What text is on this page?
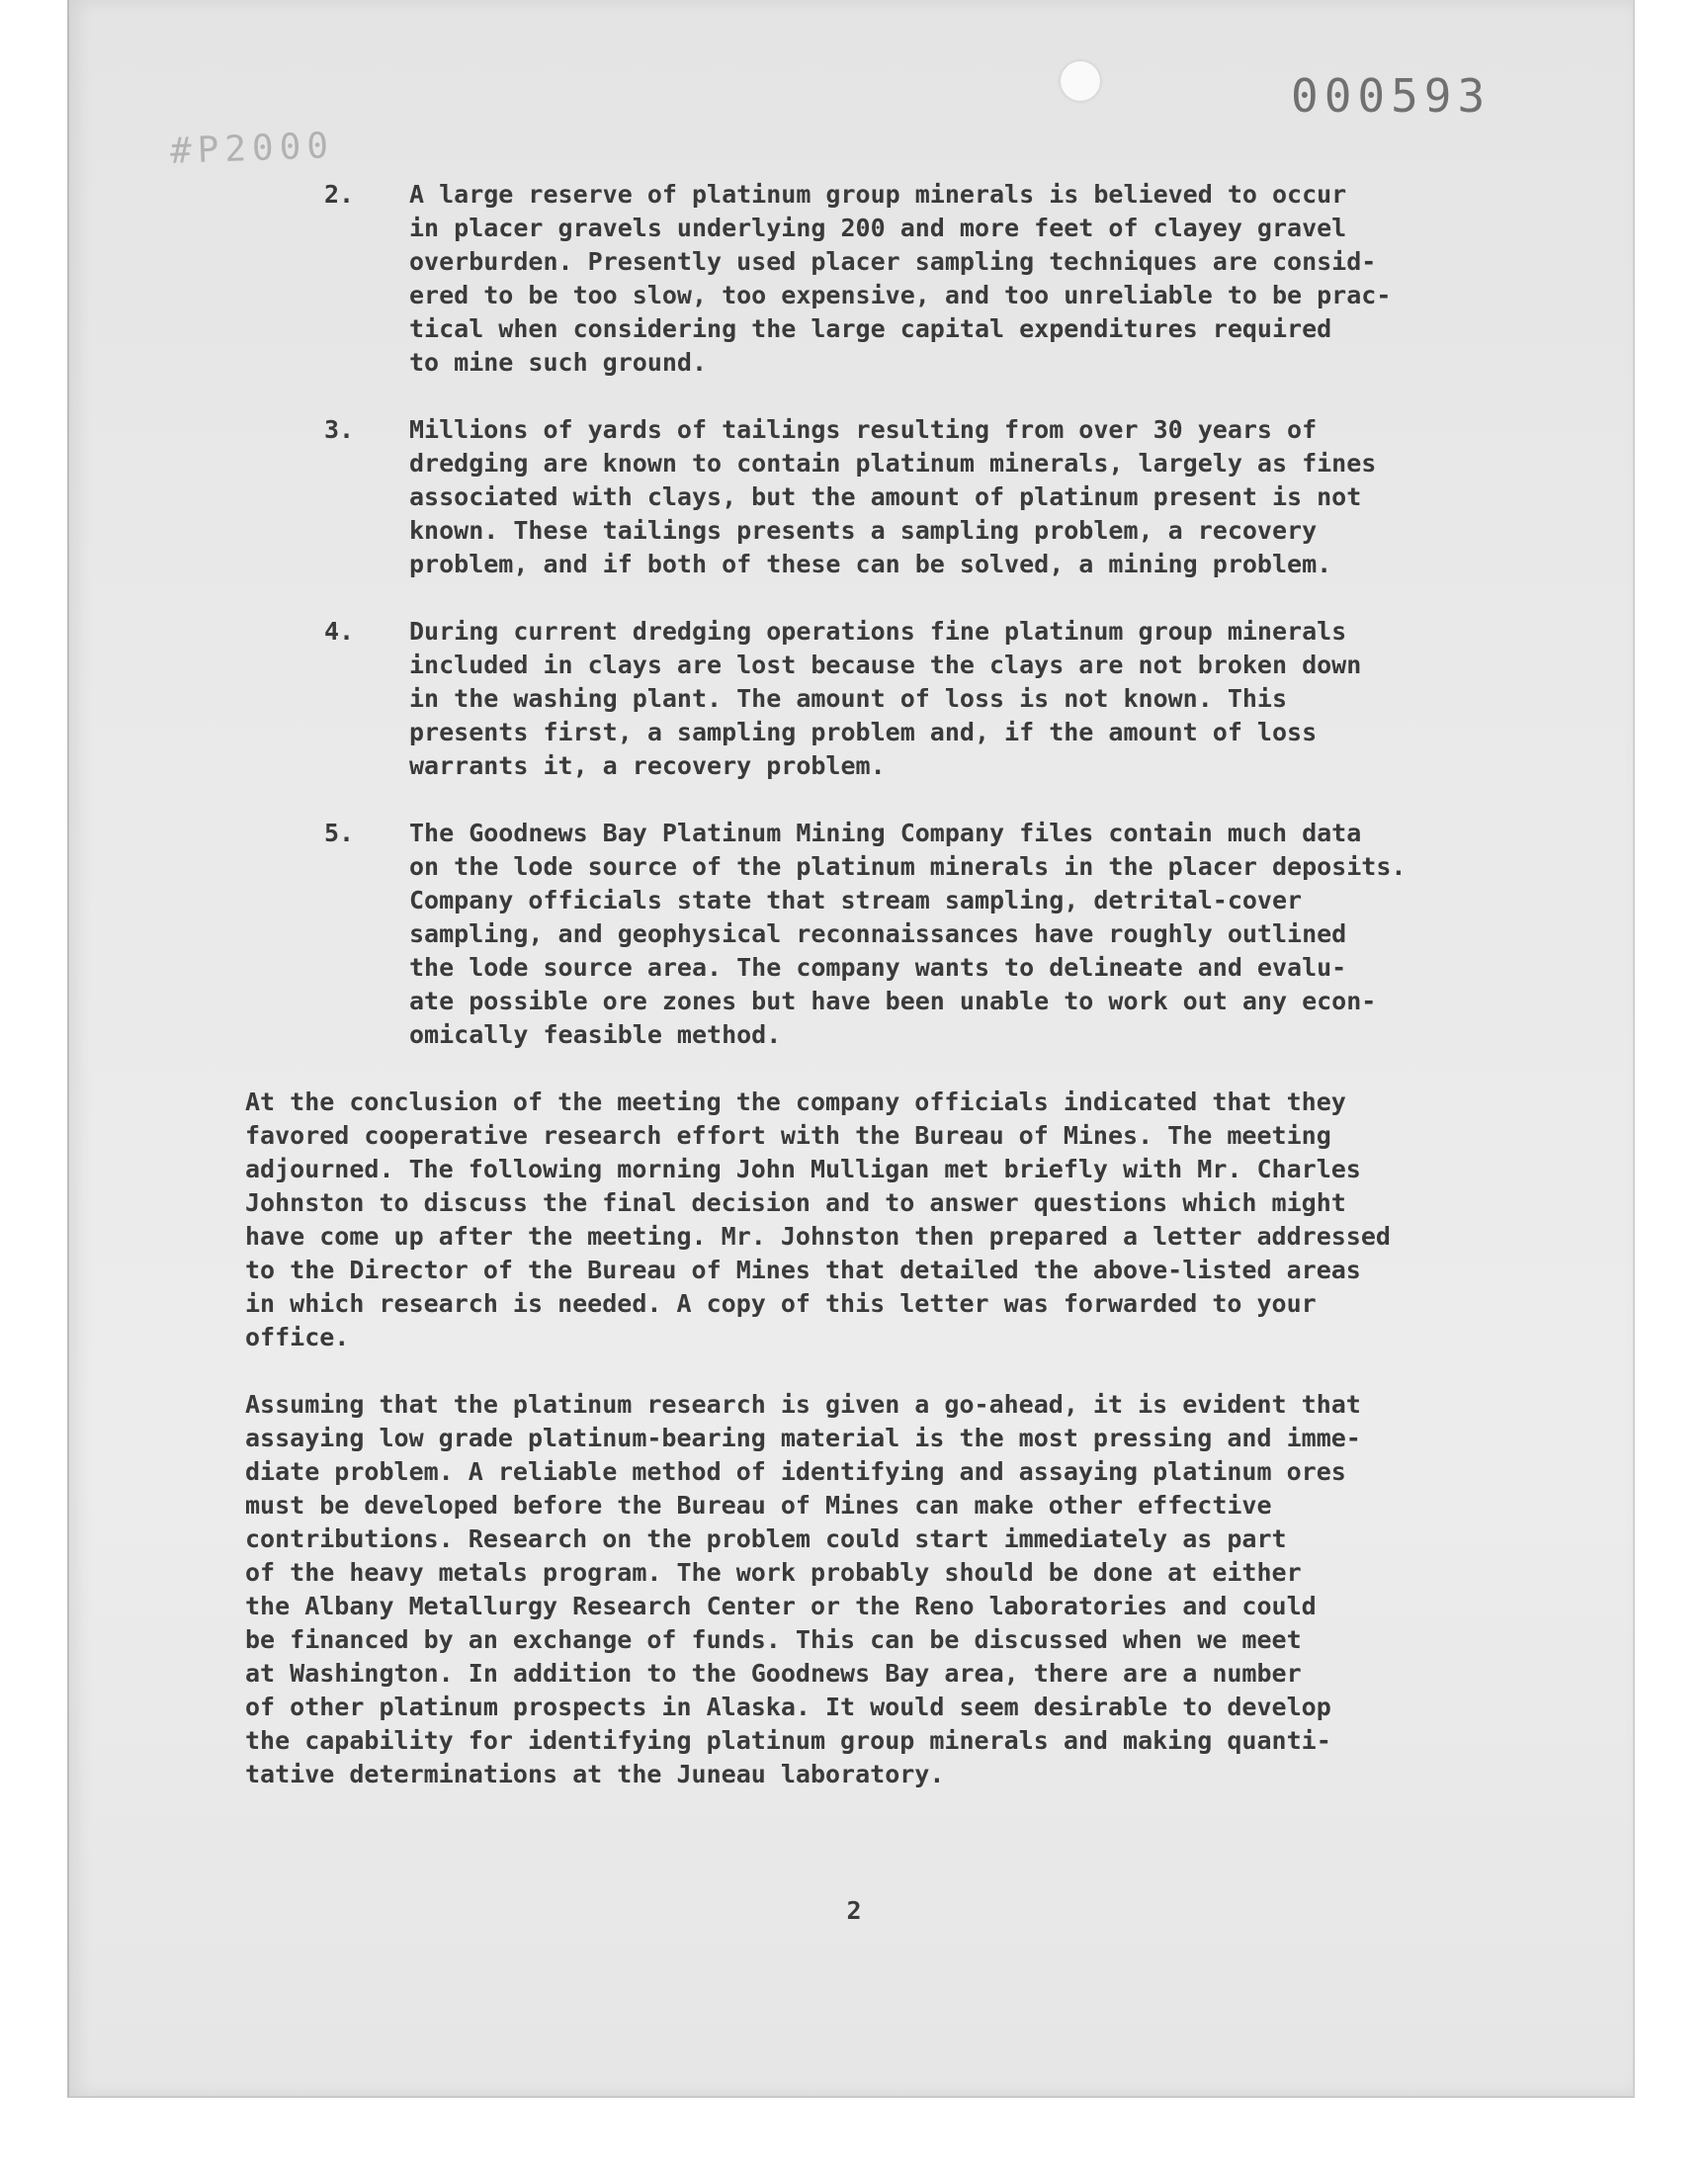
#P2000
000593
2.	A large reserve of platinum group minerals is believed to occur
in placer gravels underlying 200 and more feet of clayey gravel
overburden. Presently used placer sampling techniques are consid-
ered to be too slow, too expensive, and too unreliable to be prac-
tical when considering the large capital expenditures required
to mine such ground.
3.	Millions of yards of tailings resulting from over 30 years of
dredging are known to contain platinum minerals, largely as fines
associated with clays, but the amount of platinum present is not
known. These tailings presents a sampling problem, a recovery
problem, and if both of these can be solved, a mining problem.
4.	During current dredging operations fine platinum group minerals
included in clays are lost because the clays are not broken down
in the washing plant. The amount of loss is not known. This
presents first, a sampling problem and, if the amount of loss
warrants it, a recovery problem.
5.	The Goodnews Bay Platinum Mining Company files contain much data
on the lode source of the platinum minerals in the placer deposits.
Company officials state that stream sampling, detrital-cover
sampling, and geophysical reconnaissances have roughly outlined
the lode source area. The company wants to delineate and evalu-
ate possible ore zones but have been unable to work out any econ-
omically feasible method.

At the conclusion of the meeting the company officials indicated that they
favored cooperative research effort with the Bureau of Mines. The meeting
adjourned. The following morning John Mulligan met briefly with Mr. Charles
Johnston to discuss the final decision and to answer questions which might
have come up after the meeting. Mr. Johnston then prepared a letter addressed
to the Director of the Bureau of Mines that detailed the above-listed areas
in which research is needed. A copy of this letter was forwarded to your
office.

Assuming that the platinum research is given a go-ahead, it is evident that
assaying low grade platinum-bearing material is the most pressing and imme-
diate problem. A reliable method of identifying and assaying platinum ores
must be developed before the Bureau of Mines can make other effective
contributions. Research on the problem could start immediately as part
of the heavy metals program. The work probably should be done at either
the Albany Metallurgy Research Center or the Reno laboratories and could
be financed by an exchange of funds. This can be discussed when we meet
at Washington. In addition to the Goodnews Bay area, there are a number
of other platinum prospects in Alaska. It would seem desirable to develop
the capability for identifying platinum group minerals and making quanti-
tative determinations at the Juneau laboratory.

2
